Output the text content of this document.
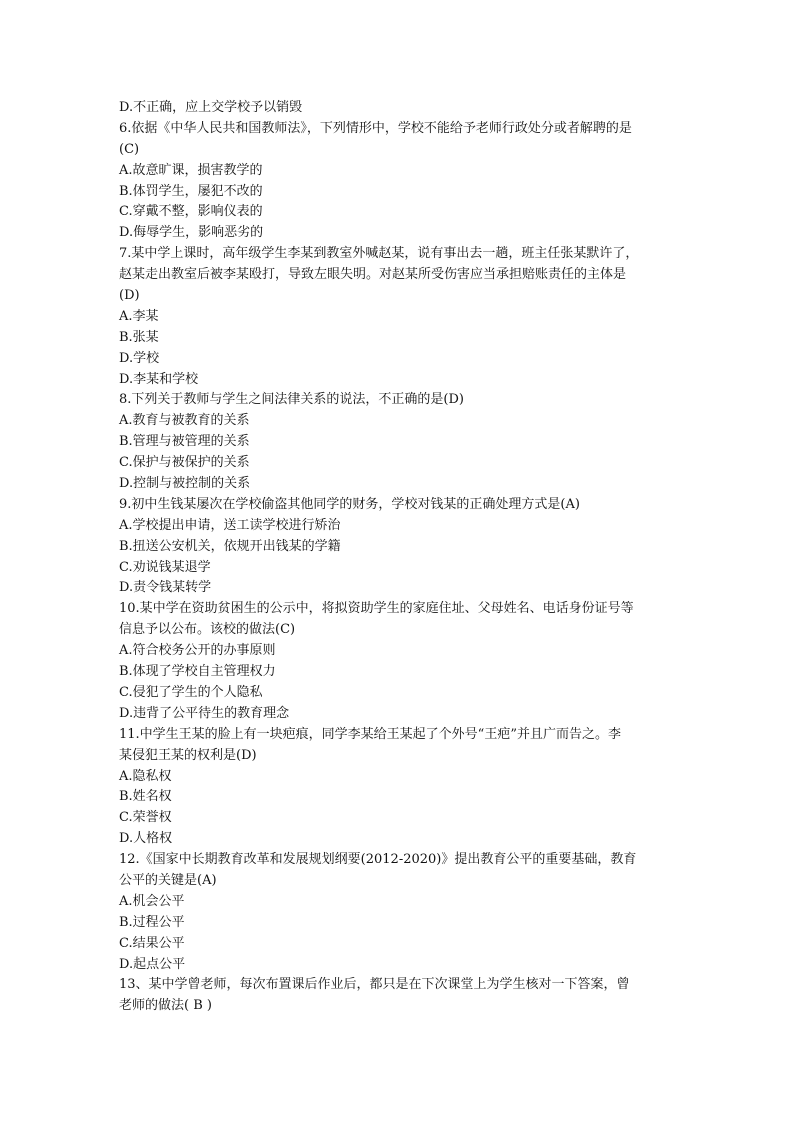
D.不正确，应上交学校予以销毁
6.依据《中华人民共和国教师法》，下列情形中，学校不能给予老师行政处分或者解聘的是
(C)
A.故意旷课，损害教学的
B.体罚学生，屡犯不改的
C.穿戴不整，影响仪表的
D.侮辱学生，影响恶劣的
7.某中学上课时，高年级学生李某到教室外喊赵某，说有事出去一趟，班主任张某默许了，
赵某走出教室后被李某殴打，导致左眼失明。对赵某所受伤害应当承担赔账责任的主体是
(D)
A.李某
B.张某
D.学校
D.李某和学校
8.下列关于教师与学生之间法律关系的说法，不正确的是(D)
A.教育与被教育的关系
B.管理与被管理的关系
C.保护与被保护的关系
D.控制与被控制的关系
9.初中生钱某屡次在学校偷盗其他同学的财务，学校对钱某的正确处理方式是(A)
A.学校提出申请，送工读学校进行矫治
B.扭送公安机关，依规开出钱某的学籍
C.劝说钱某退学
D.责令钱某转学
10.某中学在资助贫困生的公示中，将拟资助学生的家庭住址、父母姓名、电话身份证号等
信息予以公布。该校的做法(C)
A.符合校务公开的办事原则
B.体现了学校自主管理权力
C.侵犯了学生的个人隐私
D.违背了公平待生的教育理念
11.中学生王某的脸上有一块疤痕，同学李某给王某起了个外号“王疤”并且广而告之。李
某侵犯王某的权利是(D)
A.隐私权
B.姓名权
C.荣誉权
D.人格权
12.《国家中长期教育改革和发展规划纲要(2012-2020)》提出教育公平的重要基础，教育
公平的关键是(A)
A.机会公平
B.过程公平
C.结果公平
D.起点公平
13、某中学曾老师，每次布置课后作业后，都只是在下次课堂上为学生核对一下答案，曾
老师的做法( B )
